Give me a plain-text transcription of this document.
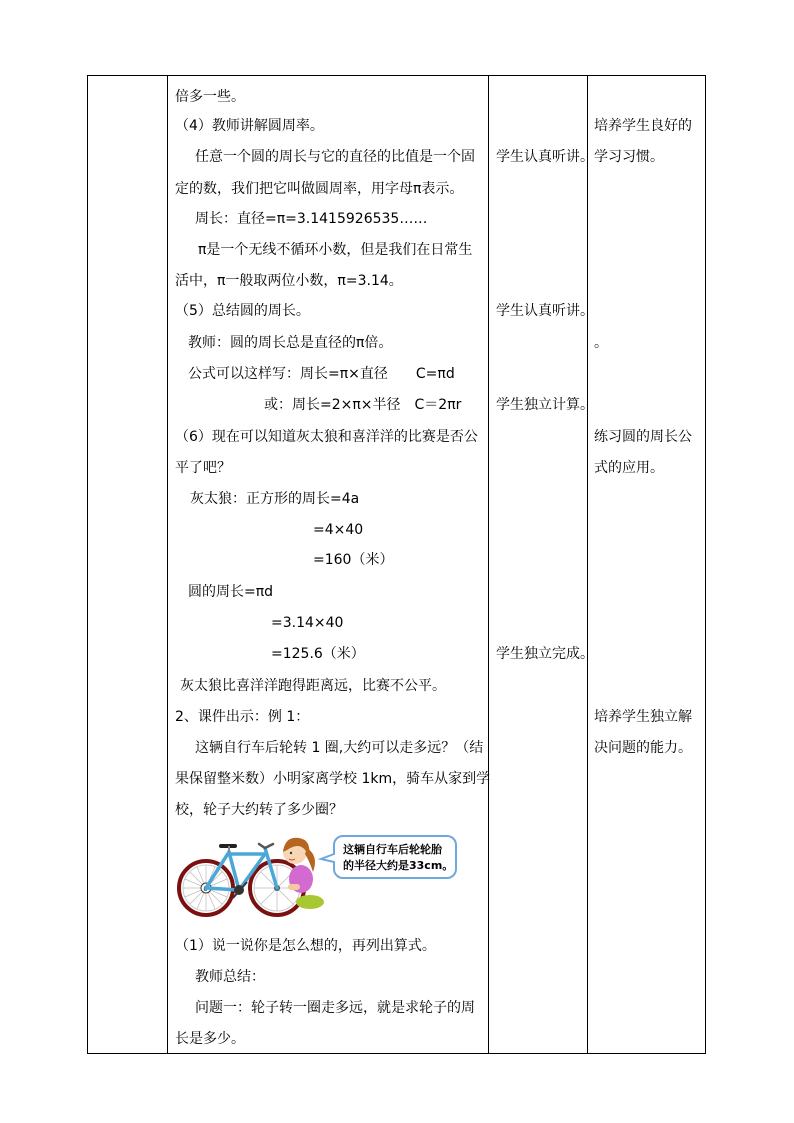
倍多一些。
（4）教师讲解圆周率。
任意一个圆的周长与它的直径的比值是一个固
定的数，我们把它叫做圆周率，用字母π表示。
周长：直径=π=3.1415926535……
π是一个无线不循环小数，但是我们在日常生
活中，π一般取两位小数，π=3.14。
（5）总结圆的周长。
教师：圆的周长总是直径的π倍。
公式可以这样写：周长=π×直径　　C=πd
或：周长=2×π×半径　C＝2πr
（6）现在可以知道灰太狼和喜洋洋的比赛是否公
平了吧？
灰太狼：正方形的周长=4a
=4×40
=160（米）
圆的周长=πd
=3.14×40
=125.6（米）
灰太狼比喜洋洋跑得距离远，比赛不公平。
2、课件出示：例 1：
这辆自行车后轮转 1 圈,大约可以走多远？（结
果保留整米数）小明家离学校 1km，骑车从家到学
校，轮子大约转了多少圈？
6
这辆自行车后轮轮胎
的半径大约是33cm。
（1）说一说你是怎么想的，再列出算式。
教师总结：
问题一：轮子转一圈走多远，就是求轮子的周
长是多少。
学生认真听讲。
学生认真听讲。
学生独立计算。
学生独立完成。
培养学生良好的
学习习惯。
。
练习圆的周长公
式的应用。
培养学生独立解
决问题的能力。
